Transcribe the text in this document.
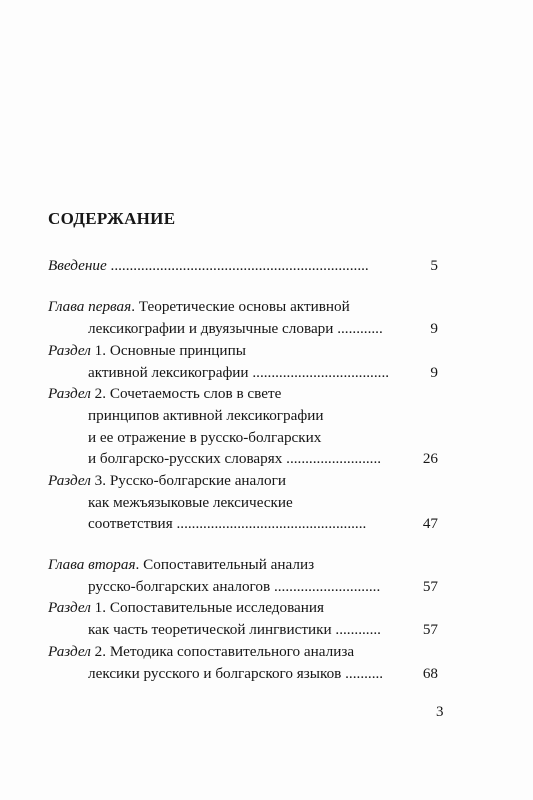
СОДЕРЖАНИЕ
Введение ....................................................................	5
Глава первая. Теоретические основы активной
лексикографии и двуязычные словари ............	9
Раздел 1. Основные принципы
активной лексикографии ....................................	9
Раздел 2. Сочетаемость слов в свете
принципов активной лексикографии
и ее отражение в русско-болгарских
и болгарско-русских словарях .........................	26
Раздел 3. Русско-болгарские аналоги
как межъязыковые лексические
соответствия ..................................................	47
Глава вторая. Сопоставительный анализ
русско-болгарских аналогов ............................	57
Раздел 1. Сопоставительные исследования
как часть теоретической лингвистики ............	57
Раздел 2. Методика сопоставительного анализа
лексики русского и болгарского языков ..........	68
3
